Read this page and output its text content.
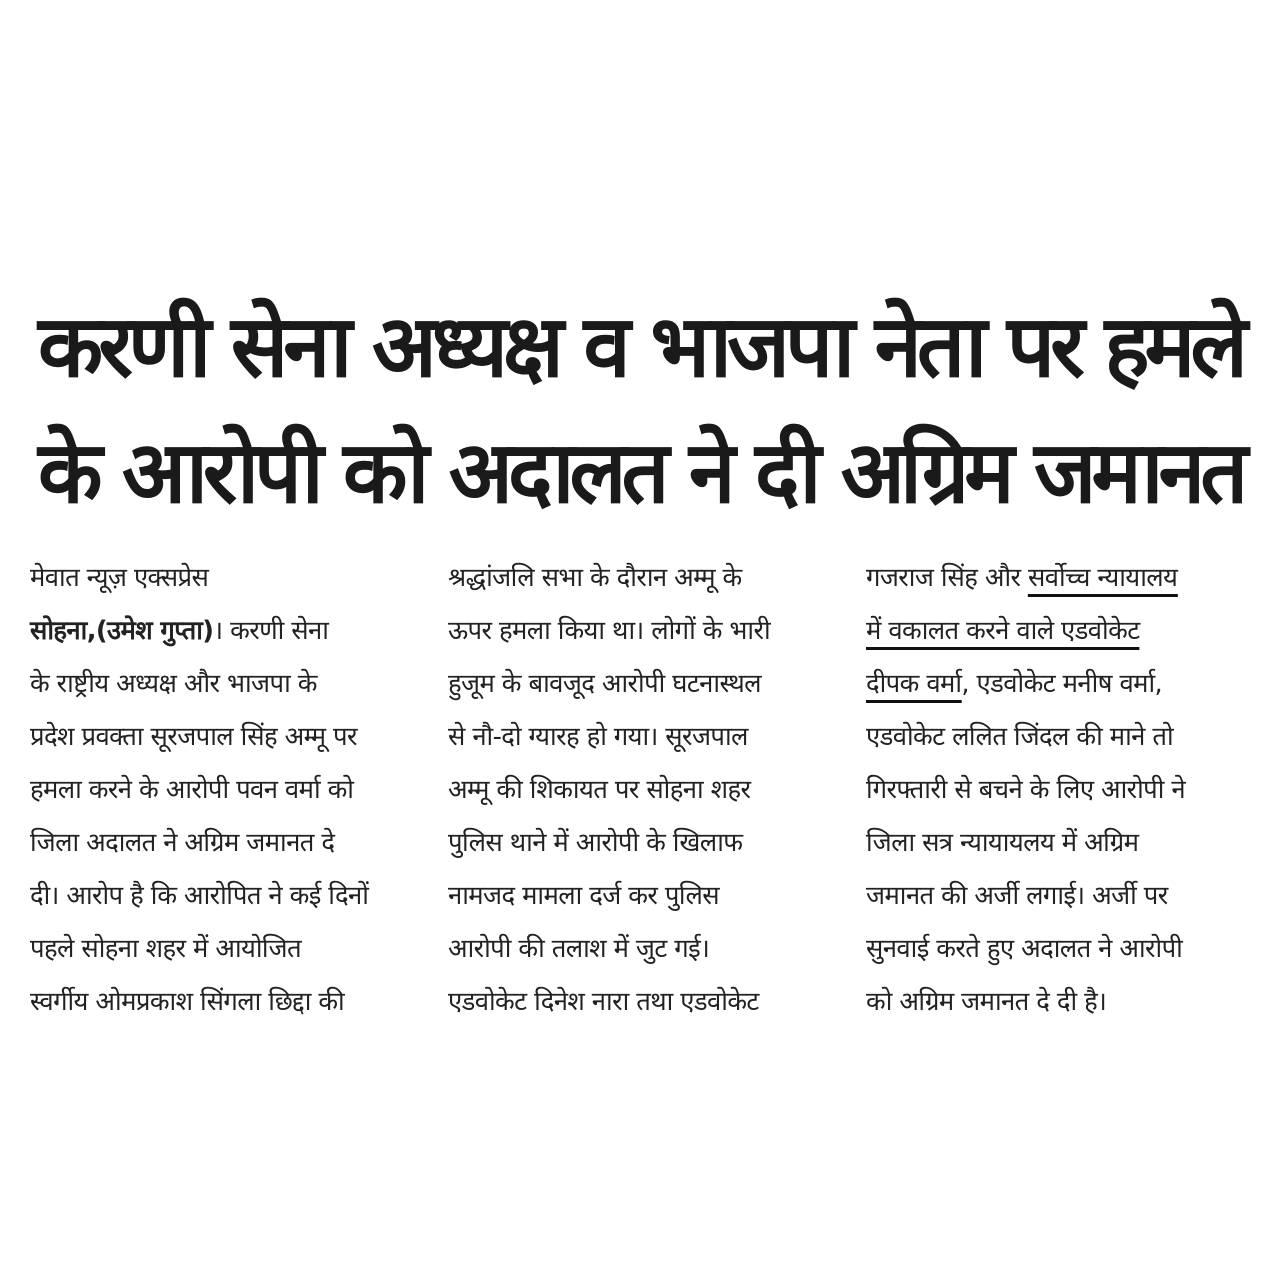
करणी सेना अध्यक्ष व भाजपा नेता पर हमले
के आरोपी को अदालत ने दी अग्रिम जमानत
मेवात न्यूज़ एक्सप्रेस
सोहना,(उमेश गुप्ता)। करणी सेना
के राष्ट्रीय अध्यक्ष और भाजपा के
प्रदेश प्रवक्ता सूरजपाल सिंह अम्मू पर
हमला करने के आरोपी पवन वर्मा को
जिला अदालत ने अग्रिम जमानत दे
दी। आरोप है कि आरोपित ने कई दिनों
पहले सोहना शहर में आयोजित
स्वर्गीय ओमप्रकाश सिंगला छिद्दा की
श्रद्धांजलि सभा के दौरान अम्मू के
ऊपर हमला किया था। लोगों के भारी
हुजूम के बावजूद आरोपी घटनास्थल
से नौ-दो ग्यारह हो गया। सूरजपाल
अम्मू की शिकायत पर सोहना शहर
पुलिस थाने में आरोपी के खिलाफ
नामजद मामला दर्ज कर पुलिस
आरोपी की तलाश में जुट गई।
एडवोकेट दिनेश नारा तथा एडवोकेट
गजराज सिंह और सर्वोच्च न्यायालय
में वकालत करने वाले एडवोकेट
दीपक वर्मा, एडवोकेट मनीष वर्मा,
एडवोकेट ललित जिंदल की माने तो
गिरफ्तारी से बचने के लिए आरोपी ने
जिला सत्र न्यायायलय में अग्रिम
जमानत की अर्जी लगाई। अर्जी पर
सुनवाई करते हुए अदालत ने आरोपी
को अग्रिम जमानत दे दी है।
